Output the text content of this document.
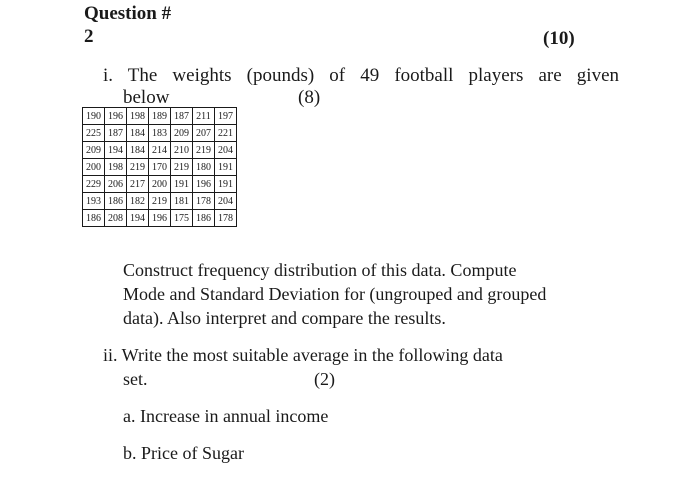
Question #
2	(10)
i. The weights (pounds) of 49 football players are given
below	(8)
190	196	198	189	187	211	197
225	187	184	183	209	207	221
209	194	184	214	210	219	204
200	198	219	170	219	180	191
229	206	217	200	191	196	191
193	186	182	219	181	178	204
186	208	194	196	175	186	178
Construct frequency distribution of this data. Compute
Mode and Standard Deviation for (ungrouped and grouped
data). Also interpret and compare the results.
ii. Write the most suitable average in the following data
set.	(2)
a. Increase in annual income
b. Price of Sugar
